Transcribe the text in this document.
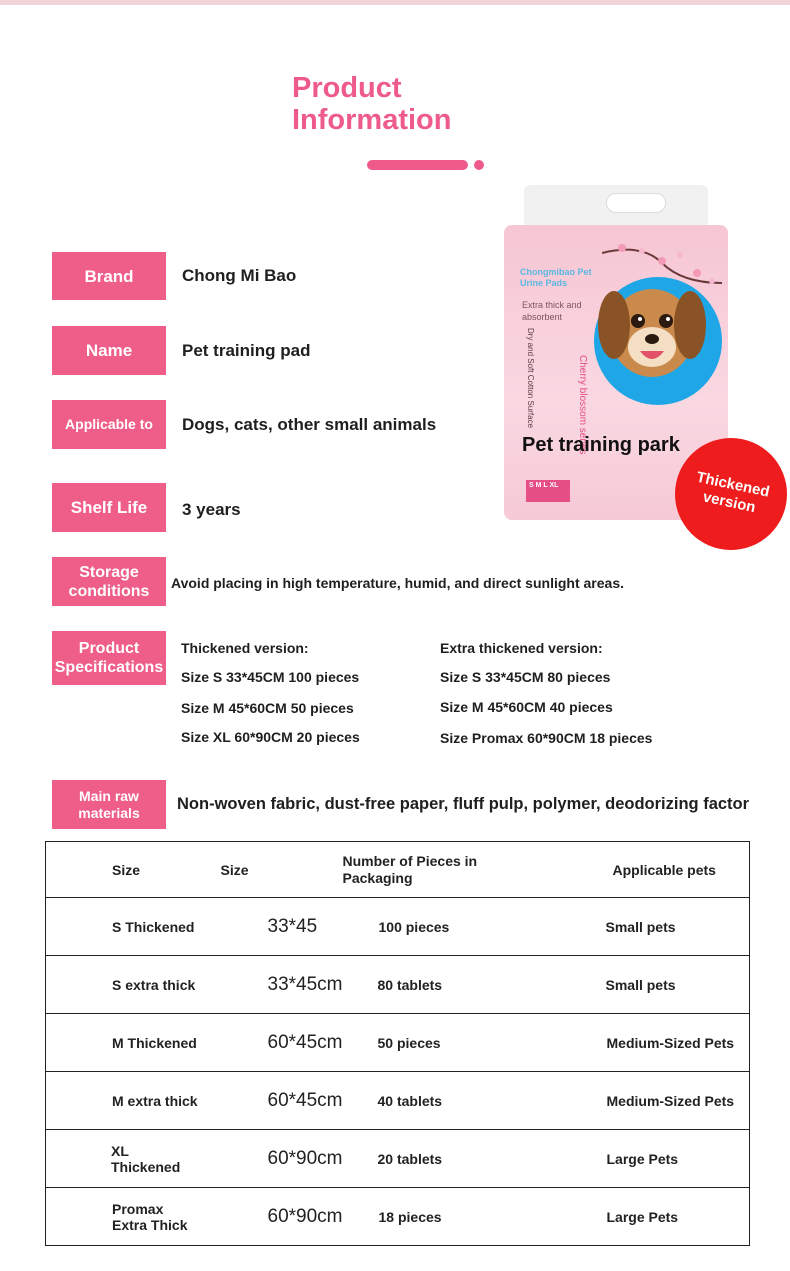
Product Information
Brand	Chong Mi Bao
Name	Pet training pad
Applicable to	Dogs, cats, other small animals
Shelf Life	3 years
Storage conditions	Avoid placing in high temperature, humid, and direct sunlight areas.
Product Specifications
Thickened version:
Size S 33*45CM 100 pieces
Size M 45*60CM 50 pieces
Size XL 60*90CM 20 pieces
Extra thickened version:
Size S 33*45CM 80 pieces
Size M 45*60CM 40 pieces
Size Promax 60*90CM 18 pieces
Main raw materials	Non-woven fabric, dust-free paper, fluff pulp, polymer, deodorizing factor
Chongmibao Pet Urine Pads
Extra thick and absorbent
Dry and Soft Cotton Surface	Cherry blossom series
S M L XL
Pet training park
Thickened version
Size	Size	Number of Pieces in Packaging	Applicable pets
S Thickened	33*45	100 pieces	Small pets
S extra thick	33*45cm	80 tablets	Small pets
M Thickened	60*45cm	50 pieces	Medium-Sized Pets
M extra thick	60*45cm	40 tablets	Medium-Sized Pets
XL Thickened	60*90cm	20 tablets	Large Pets
Promax Extra Thick	60*90cm	18 pieces	Large Pets
